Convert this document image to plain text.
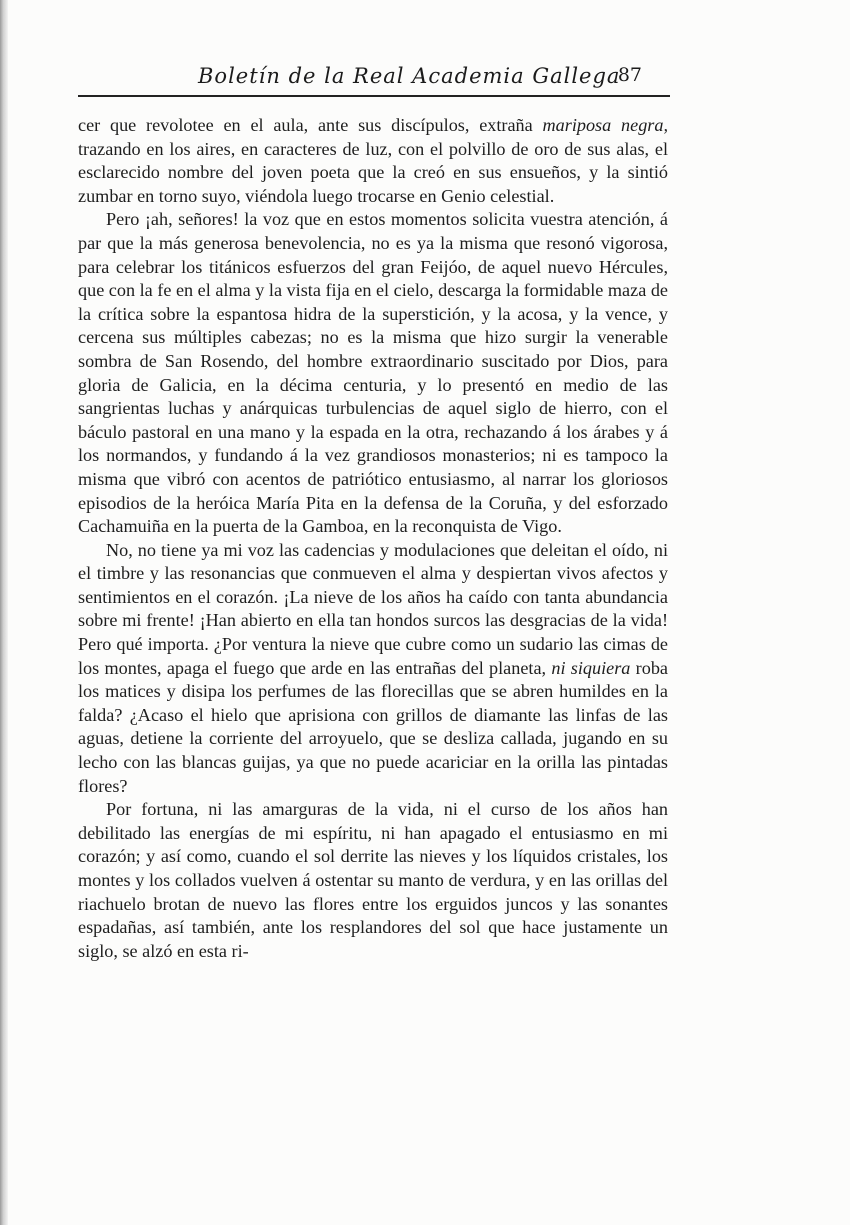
Boletín de la Real Academia Gallega
87

cer que revolotee en el aula, ante sus discípulos, extraña mariposa negra, trazando en los aires, en caracteres de luz, con el polvillo de oro de sus alas, el esclarecido nombre del joven poeta que la creó en sus ensueños, y la sintió zumbar en torno suyo, viéndola luego trocarse en Genio celestial.

Pero ¡ah, señores! la voz que en estos momentos solicita vuestra atención, á par que la más generosa benevolencia, no es ya la misma que resonó vigorosa, para celebrar los titánicos esfuerzos del gran Feijóo, de aquel nuevo Hércules, que con la fe en el alma y la vista fija en el cielo, descarga la formidable maza de la crítica sobre la espantosa hidra de la superstición, y la acosa, y la vence, y cercena sus múltiples cabezas; no es la misma que hizo surgir la venerable sombra de San Rosendo, del hombre extraordinario suscitado por Dios, para gloria de Galicia, en la décima centuria, y lo presentó en medio de las sangrientas luchas y anárquicas turbulencias de aquel siglo de hierro, con el báculo pastoral en una mano y la espada en la otra, rechazando á los árabes y á los normandos, y fundando á la vez grandiosos monasterios; ni es tampoco la misma que vibró con acentos de patriótico entusiasmo, al narrar los gloriosos episodios de la heróica María Pita en la defensa de la Coruña, y del esforzado Cachamuiña en la puerta de la Gamboa, en la reconquista de Vigo.

No, no tiene ya mi voz las cadencias y modulaciones que deleitan el oído, ni el timbre y las resonancias que conmueven el alma y despiertan vivos afectos y sentimientos en el corazón. ¡La nieve de los años ha caído con tanta abundancia sobre mi frente! ¡Han abierto en ella tan hondos surcos las desgracias de la vida! Pero qué importa. ¿Por ventura la nieve que cubre como un sudario las cimas de los montes, apaga el fuego que arde en las entrañas del planeta, ni siquiera roba los matices y disipa los perfumes de las florecillas que se abren humildes en la falda? ¿Acaso el hielo que aprisiona con grillos de diamante las linfas de las aguas, detiene la corriente del arroyuelo, que se desliza callada, jugando en su lecho con las blancas guijas, ya que no puede acariciar en la orilla las pintadas flores?

Por fortuna, ni las amarguras de la vida, ni el curso de los años han debilitado las energías de mi espíritu, ni han apagado el entusiasmo en mi corazón; y así como, cuando el sol derrite las nieves y los líquidos cristales, los montes y los collados vuelven á ostentar su manto de verdura, y en las orillas del riachuelo brotan de nuevo las flores entre los erguidos juncos y las sonantes espadañas, así también, ante los resplandores del sol que hace justamente un siglo, se alzó en esta ri-
